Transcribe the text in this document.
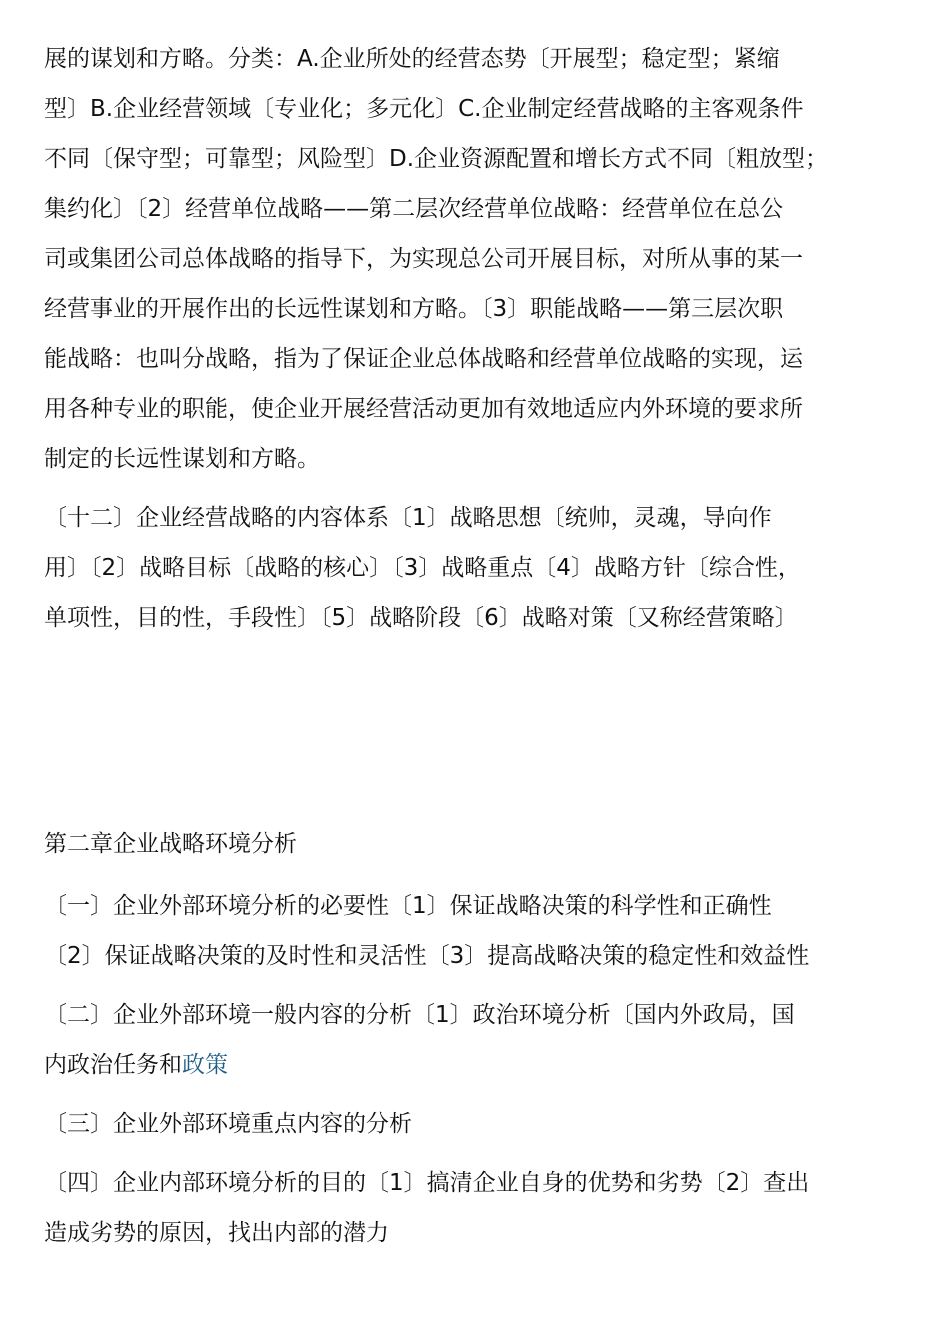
展的谋划和方略。分类：A.企业所处的经营态势〔开展型；稳定型；紧缩
型〕B.企业经营领域〔专业化；多元化〕C.企业制定经营战略的主客观条件
不同〔保守型；可靠型；风险型〕D.企业资源配置和增长方式不同〔粗放型；
集约化〕〔2〕经营单位战略——第二层次经营单位战略：经营单位在总公
司或集团公司总体战略的指导下，为实现总公司开展目标，对所从事的某一
经营事业的开展作出的长远性谋划和方略。〔3〕职能战略——第三层次职
能战略：也叫分战略，指为了保证企业总体战略和经营单位战略的实现，运
用各种专业的职能，使企业开展经营活动更加有效地适应内外环境的要求所
制定的长远性谋划和方略。

〔十二〕企业经营战略的内容体系〔1〕战略思想〔统帅，灵魂，导向作
用〕〔2〕战略目标〔战略的核心〕〔3〕战略重点〔4〕战略方针〔综合性，
单项性，目的性，手段性〕〔5〕战略阶段〔6〕战略对策〔又称经营策略〕

第二章企业战略环境分析

〔一〕企业外部环境分析的必要性〔1〕保证战略决策的科学性和正确性
〔2〕保证战略决策的及时性和灵活性〔3〕提高战略决策的稳定性和效益性

〔二〕企业外部环境一般内容的分析〔1〕政治环境分析〔国内外政局，国
内政治任务和政策

〔三〕企业外部环境重点内容的分析

〔四〕企业内部环境分析的目的〔1〕搞清企业自身的优势和劣势〔2〕查出
造成劣势的原因，找出内部的潜力
